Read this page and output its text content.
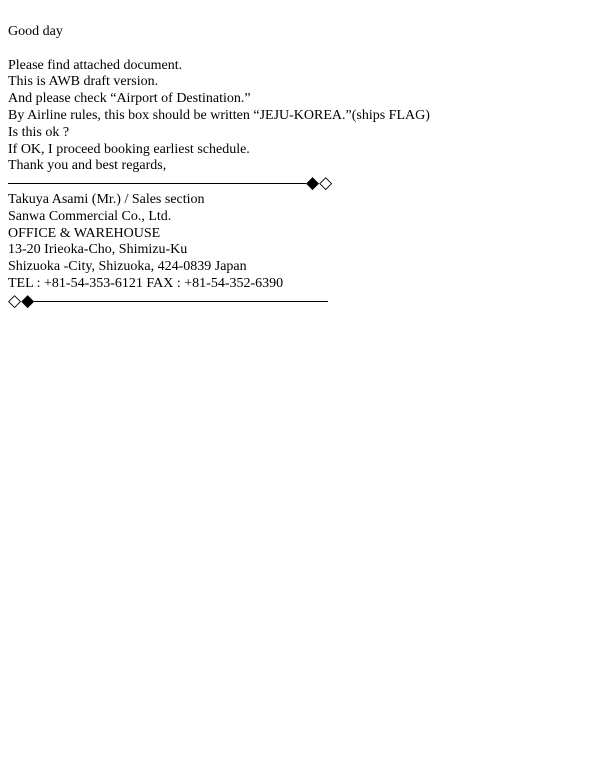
Good day
Please find attached document.
This is AWB draft version.
And please check “Airport of Destination.”
By Airline rules, this box should be written “JEJU-KOREA.”(ships FLAG)
Is this ok ?
If OK, I proceed booking earliest schedule.
Thank you and best regards,
◆◇
Takuya Asami (Mr.) / Sales section
Sanwa Commercial Co., Ltd.
OFFICE & WAREHOUSE
13-20 Irieoka-Cho, Shimizu-Ku
Shizuoka -City, Shizuoka, 424-0839 Japan
TEL : +81-54-353-6121 FAX : +81-54-352-6390
◇◆
